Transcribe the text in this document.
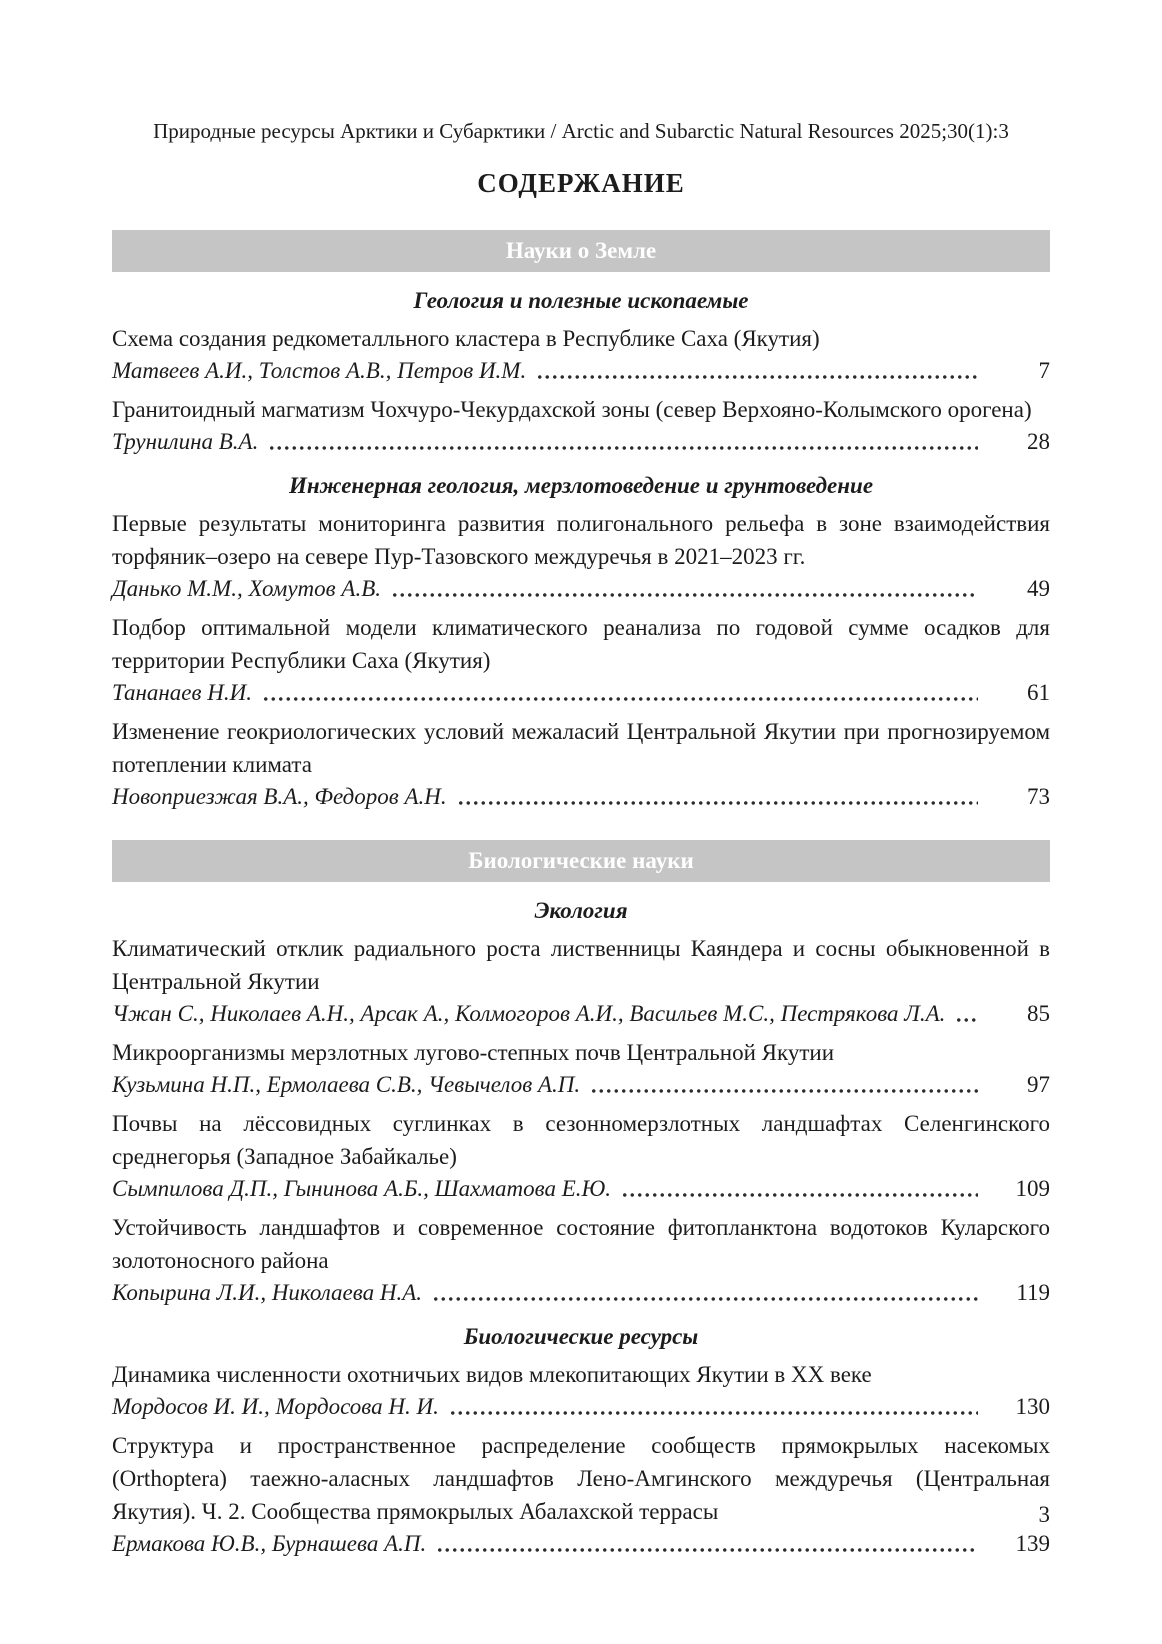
Природные ресурсы Арктики и Субарктики / Arctic and Subarctic Natural Resources 2025;30(1):3
СОДЕРЖАНИЕ
Науки о Земле
Геология и полезные ископаемые
Схема создания редкометалльного кластера в Республике Саха (Якутия)
Матвеев А.И., Толстов А.В., Петров И.М.	7
Гранитоидный магматизм Чохчуро-Чекурдахской зоны (север Верхояно-Колымского орогена)
Трунилина В.А.	28
Инженерная геология, мерзлотоведение и грунтоведение
Первые результаты мониторинга развития полигонального рельефа в зоне взаимодействия торфяник–озеро на севере Пур-Тазовского междуречья в 2021–2023 гг.
Данько М.М., Хомутов А.В.	49
Подбор оптимальной модели климатического реанализа по годовой сумме осадков для территории Республики Саха (Якутия)
Тананаев Н.И.	61
Изменение геокриологических условий межаласий Центральной Якутии при прогнозируемом потеплении климата
Новоприезжая В.А., Федоров А.Н.	73
Биологические науки
Экология
Климатический отклик радиального роста лиственницы Каяндера и сосны обыкновенной в Центральной Якутии
Чжан С., Николаев А.Н., Арсак А., Колмогоров А.И., Васильев М.С., Пестрякова Л.А.	85
Микроорганизмы мерзлотных лугово-степных почв Центральной Якутии
Кузьмина Н.П., Ермолаева С.В., Чевычелов А.П.	97
Почвы на лёссовидных суглинках в сезонномерзлотных ландшафтах Селенгинского среднегорья (Западное Забайкалье)
Сымпилова Д.П., Гынинова А.Б., Шахматова Е.Ю.	109
Устойчивость ландшафтов и современное состояние фитопланктона водотоков Куларского золотоносного района
Копырина Л.И., Николаева Н.А.	119
Биологические ресурсы
Динамика численности охотничьих видов млекопитающих Якутии в XX веке
Мордосов И. И., Мордосова Н. И.	130
Структура и пространственное распределение сообществ прямокрылых насекомых (Orthoptera) таежно-аласных ландшафтов Лено-Амгинского междуречья (Центральная Якутия). Ч. 2. Сообщества прямокрылых Абалахской террасы
Ермакова Ю.В., Бурнашева А.П.	139
3
